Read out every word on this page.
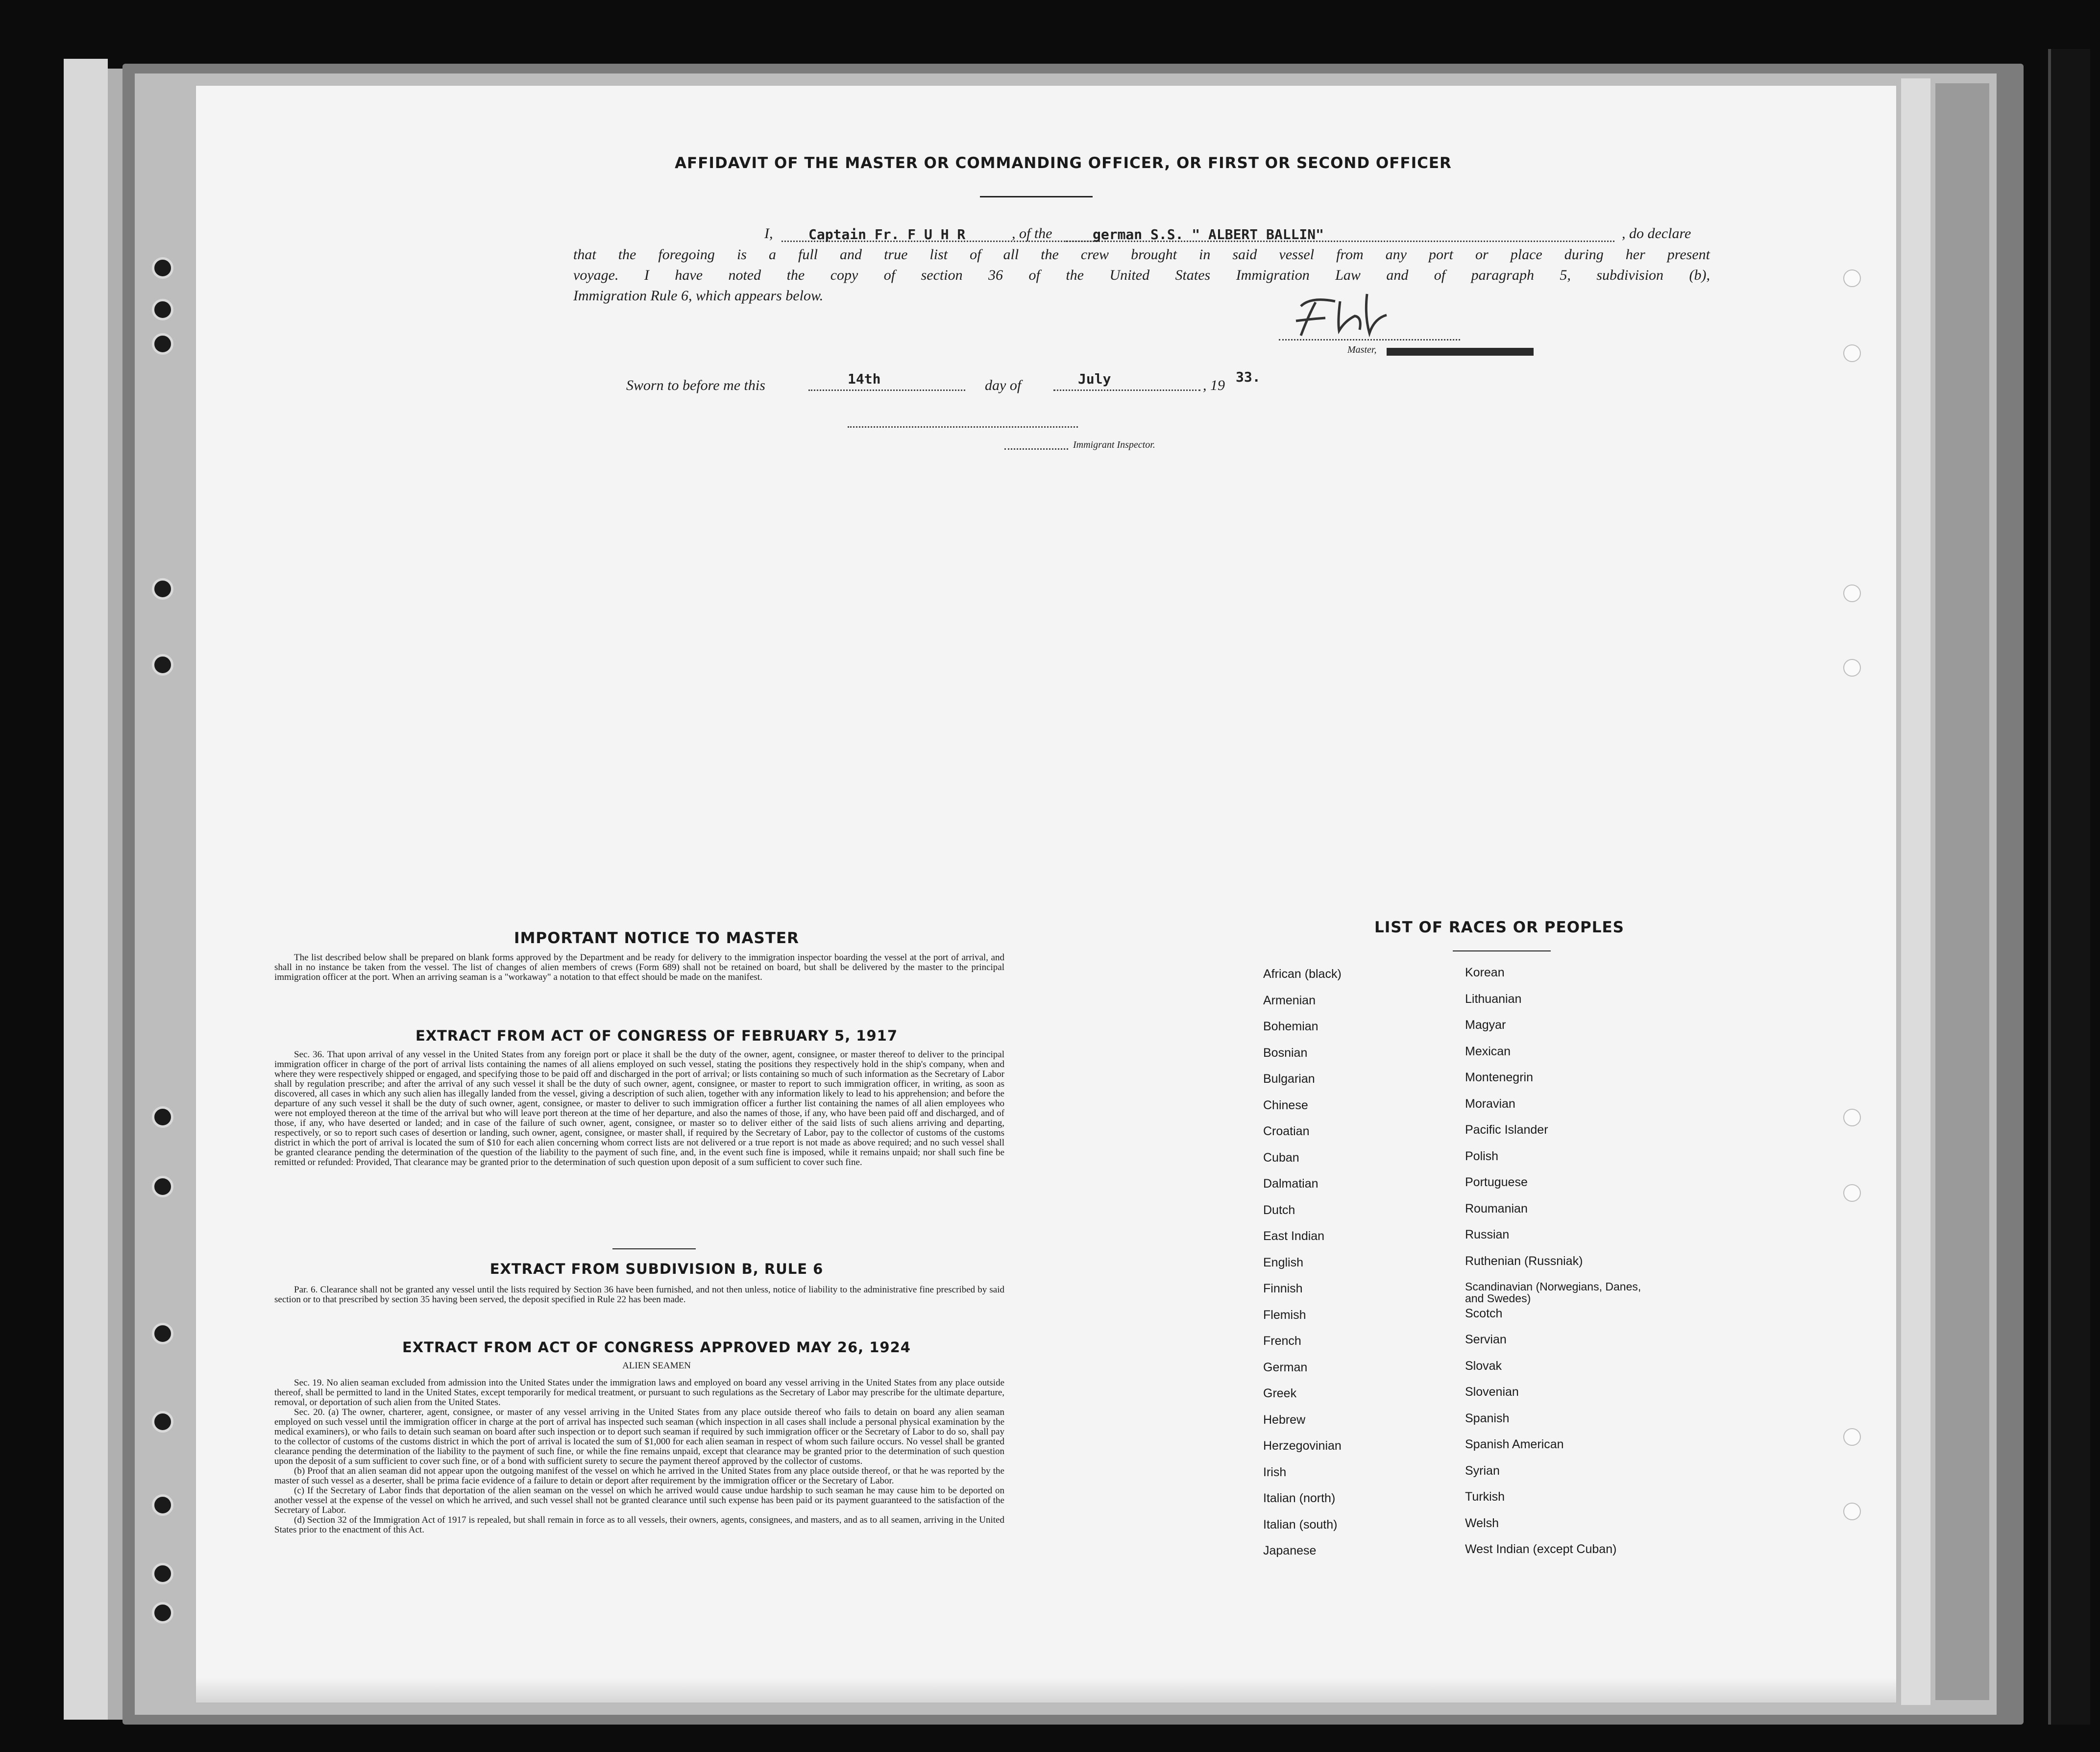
AFFIDAVIT OF THE MASTER OR COMMANDING OFFICER, OR FIRST OR SECOND OFFICER
I,	Captain Fr. F U H R	, of the	german S.S. " ALBERT BALLIN"	, do declare
that the foregoing is a full and true list of all the crew brought in said vessel from any port or place during her present
voyage. I have noted the copy of section 36 of the United States Immigration Law and of paragraph 5, subdivision (b),
Immigration Rule 6, which appears below.
Master,
Sworn to before me this	14th	day of	July	, 19
33.
Immigrant Inspector.
IMPORTANT NOTICE TO MASTER

The list described below shall be prepared on blank forms approved by the Department and be ready for delivery to the immigration inspector boarding the vessel at the port of arrival, and shall in no instance be taken from the vessel. The list of changes of alien members of crews (Form 689) shall not be retained on board, but shall be delivered by the master to the principal immigration officer at the port. When an arriving seaman is a "workaway" a notation to that effect should be made on the manifest.

EXTRACT FROM ACT OF CONGRESS OF FEBRUARY 5, 1917

Sec. 36. That upon arrival of any vessel in the United States from any foreign port or place it shall be the duty of the owner, agent, consignee, or master thereof to deliver to the principal immigration officer in charge of the port of arrival lists containing the names of all aliens employed on such vessel, stating the positions they respectively hold in the ship's company, when and where they were respectively shipped or engaged, and specifying those to be paid off and discharged in the port of arrival; or lists containing so much of such information as the Secretary of Labor shall by regulation prescribe; and after the arrival of any such vessel it shall be the duty of such owner, agent, consignee, or master to report to such immigration officer, in writing, as soon as discovered, all cases in which any such alien has illegally landed from the vessel, giving a description of such alien, together with any information likely to lead to his apprehension; and before the departure of any such vessel it shall be the duty of such owner, agent, consignee, or master to deliver to such immigration officer a further list containing the names of all alien employees who were not employed thereon at the time of the arrival but who will leave port thereon at the time of her departure, and also the names of those, if any, who have been paid off and discharged, and of those, if any, who have deserted or landed; and in case of the failure of such owner, agent, consignee, or master so to deliver either of the said lists of such aliens arriving and departing, respectively, or so to report such cases of desertion or landing, such owner, agent, consignee, or master shall, if required by the Secretary of Labor, pay to the collector of customs of the customs district in which the port of arrival is located the sum of $10 for each alien concerning whom correct lists are not delivered or a true report is not made as above required; and no such vessel shall be granted clearance pending the determination of the question of the liability to the payment of such fine, and, in the event such fine is imposed, while it remains unpaid; nor shall such fine be remitted or refunded: Provided, That clearance may be granted prior to the determination of such question upon deposit of a sum sufficient to cover such fine.

EXTRACT FROM SUBDIVISION B, RULE 6

Par. 6. Clearance shall not be granted any vessel until the lists required by Section 36 have been furnished, and not then unless, notice of liability to the administrative fine prescribed by said section or to that prescribed by section 35 having been served, the deposit specified in Rule 22 has been made.

EXTRACT FROM ACT OF CONGRESS APPROVED MAY 26, 1924
ALIEN SEAMEN

Sec. 19. No alien seaman excluded from admission into the United States under the immigration laws and employed on board any vessel arriving in the United States from any place outside thereof, shall be permitted to land in the United States, except temporarily for medical treatment, or pursuant to such regulations as the Secretary of Labor may prescribe for the ultimate departure, removal, or deportation of such alien from the United States.

Sec. 20. (a) The owner, charterer, agent, consignee, or master of any vessel arriving in the United States from any place outside thereof who fails to detain on board any alien seaman employed on such vessel until the immigration officer in charge at the port of arrival has inspected such seaman (which inspection in all cases shall include a personal physical examination by the medical examiners), or who fails to detain such seaman on board after such inspection or to deport such seaman if required by such immigration officer or the Secretary of Labor to do so, shall pay to the collector of customs of the customs district in which the port of arrival is located the sum of $1,000 for each alien seaman in respect of whom such failure occurs. No vessel shall be granted clearance pending the determination of the liability to the payment of such fine, or while the fine remains unpaid, except that clearance may be granted prior to the determination of such question upon the deposit of a sum sufficient to cover such fine, or of a bond with sufficient surety to secure the payment thereof approved by the collector of customs.

(b) Proof that an alien seaman did not appear upon the outgoing manifest of the vessel on which he arrived in the United States from any place outside thereof, or that he was reported by the master of such vessel as a deserter, shall be prima facie evidence of a failure to detain or deport after requirement by the immigration officer or the Secretary of Labor.

(c) If the Secretary of Labor finds that deportation of the alien seaman on the vessel on which he arrived would cause undue hardship to such seaman he may cause him to be deported on another vessel at the expense of the vessel on which he arrived, and such vessel shall not be granted clearance until such expense has been paid or its payment guaranteed to the satisfaction of the Secretary of Labor.

(d) Section 32 of the Immigration Act of 1917 is repealed, but shall remain in force as to all vessels, their owners, agents, consignees, and masters, and as to all seamen, arriving in the United States prior to the enactment of this Act.

LIST OF RACES OR PEOPLES
African (black)
Armenian
Bohemian
Bosnian
Bulgarian
Chinese
Croatian
Cuban
Dalmatian
Dutch
East Indian
English
Finnish
Flemish
French
German
Greek
Hebrew
Herzegovinian
Irish
Italian (north)
Italian (south)
Japanese
Korean
Lithuanian
Magyar
Mexican
Montenegrin
Moravian
Pacific Islander
Polish
Portuguese
Roumanian
Russian
Ruthenian (Russniak)
Scandinavian (Norwegians, Danes, and Swedes)
Scotch
Servian
Slovak
Slovenian
Spanish
Spanish American
Syrian
Turkish
Welsh
West Indian (except Cuban)
